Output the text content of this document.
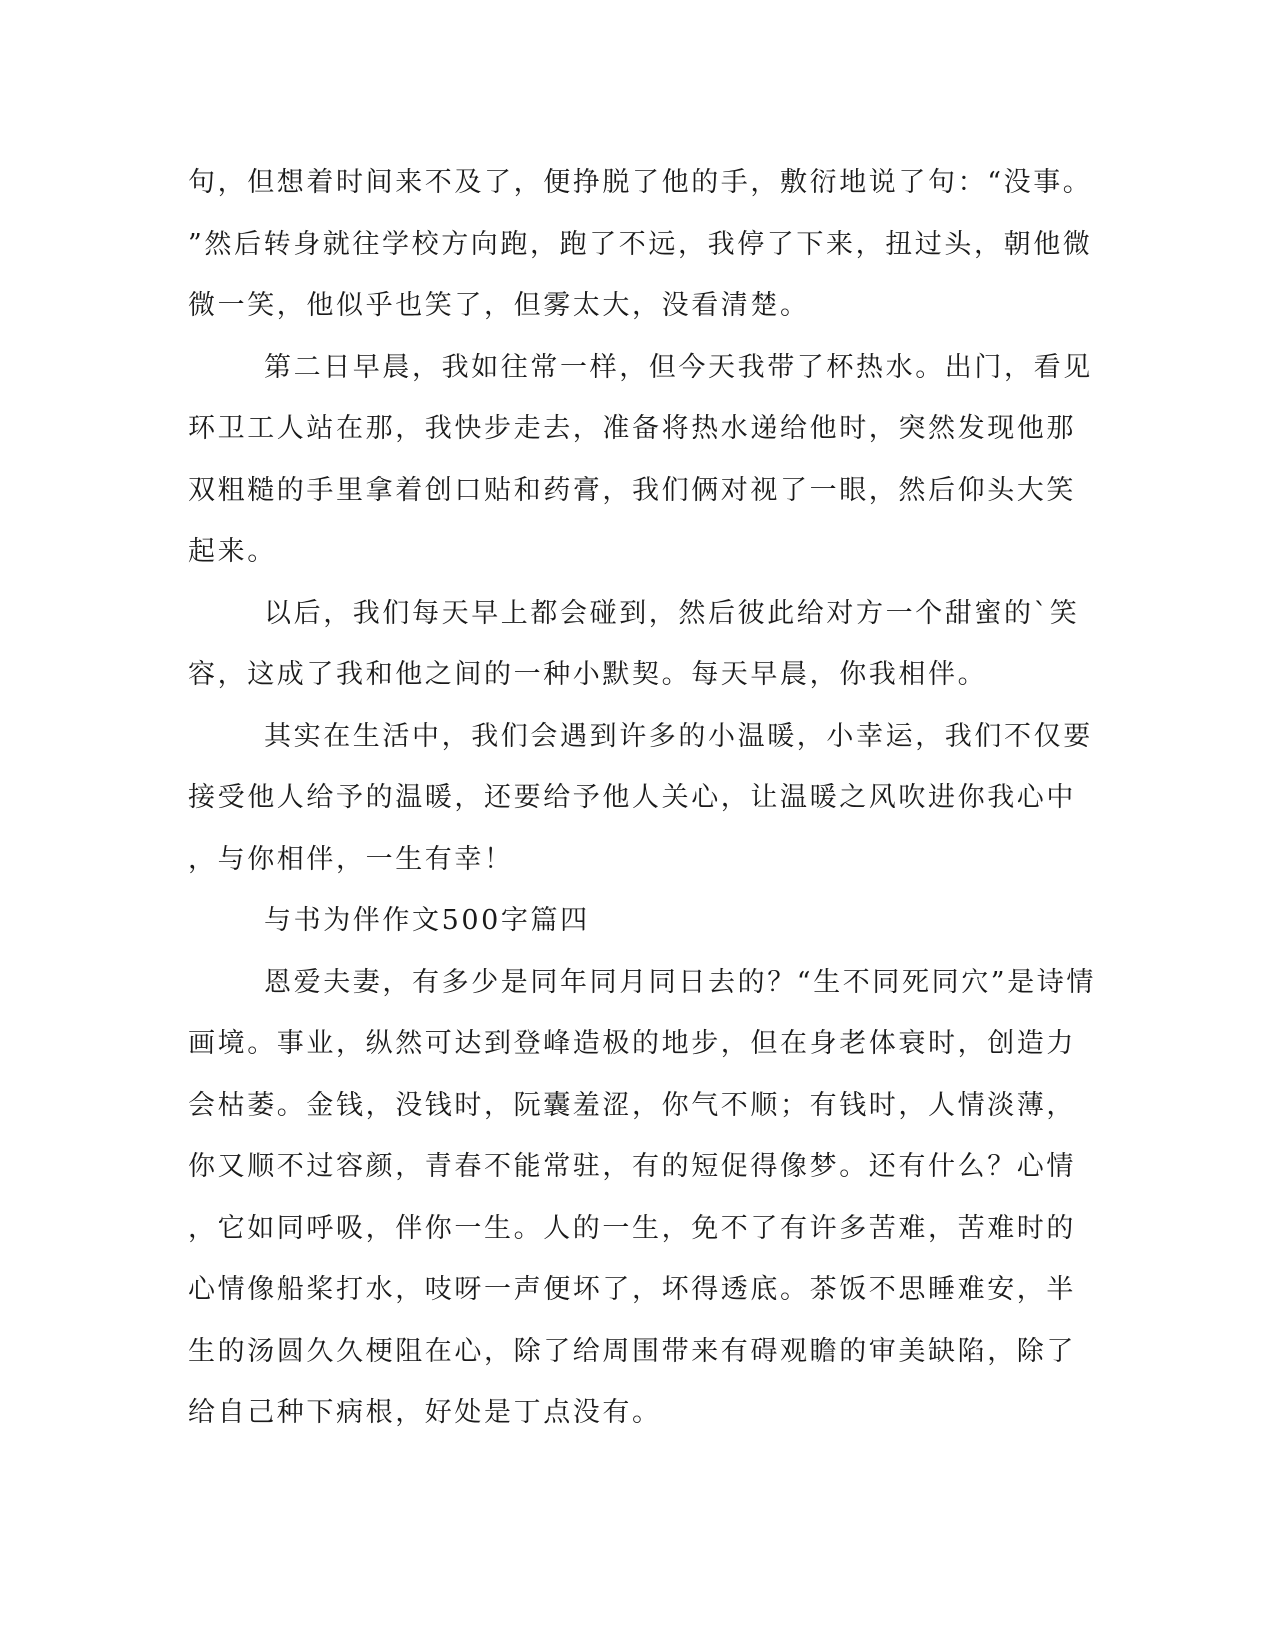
句，但想着时间来不及了，便挣脱了他的手，敷衍地说了句：“没事。
”然后转身就往学校方向跑，跑了不远，我停了下来，扭过头，朝他微
微一笑，他似乎也笑了，但雾太大，没看清楚。
第二日早晨，我如往常一样，但今天我带了杯热水。出门，看见
环卫工人站在那，我快步走去，准备将热水递给他时，突然发现他那
双粗糙的手里拿着创口贴和药膏，我们俩对视了一眼，然后仰头大笑
起来。
以后，我们每天早上都会碰到，然后彼此给对方一个甜蜜的`笑
容，这成了我和他之间的一种小默契。每天早晨，你我相伴。
其实在生活中，我们会遇到许多的小温暖，小幸运，我们不仅要
接受他人给予的温暖，还要给予他人关心，让温暖之风吹进你我心中
，与你相伴，一生有幸！
与书为伴作文500字篇四
恩爱夫妻，有多少是同年同月同日去的？“生不同死同穴”是诗情
画境。事业，纵然可达到登峰造极的地步，但在身老体衰时，创造力
会枯萎。金钱，没钱时，阮囊羞涩，你气不顺；有钱时，人情淡薄，
你又顺不过容颜，青春不能常驻，有的短促得像梦。还有什么？心情
，它如同呼吸，伴你一生。人的一生，免不了有许多苦难，苦难时的
心情像船桨打水，吱呀一声便坏了，坏得透底。茶饭不思睡难安，半
生的汤圆久久梗阻在心，除了给周围带来有碍观瞻的审美缺陷，除了
给自己种下病根，好处是丁点没有。
